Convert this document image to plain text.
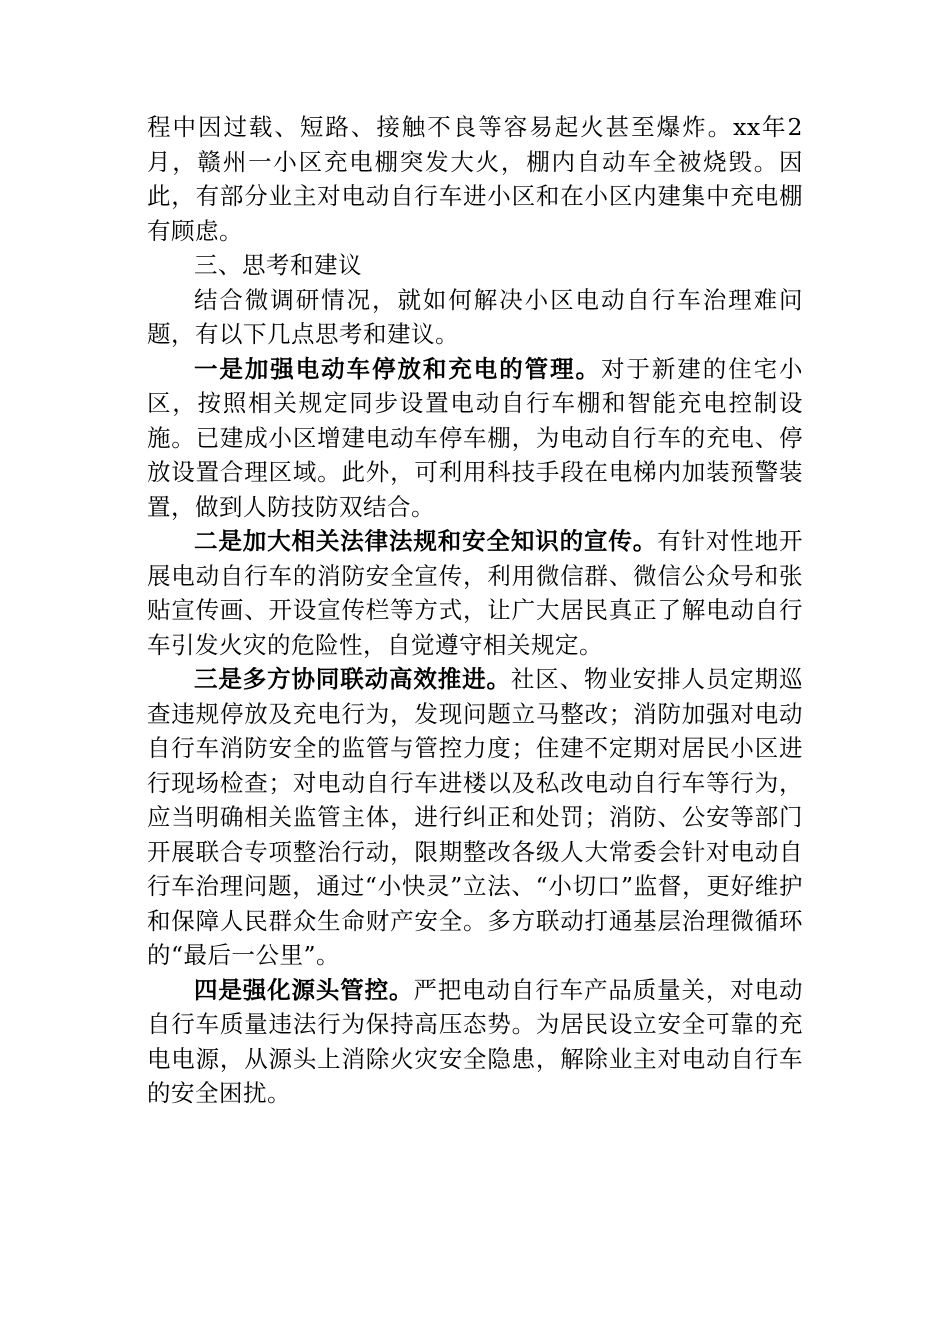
程中因过载、短路、接触不良等容易起火甚至爆炸。xx年2月，赣州一小区充电棚突发大火，棚内自动车全被烧毁。因此，有部分业主对电动自行车进小区和在小区内建集中充电棚有顾虑。

三、思考和建议

结合微调研情况，就如何解决小区电动自行车治理难问题，有以下几点思考和建议。

一是加强电动车停放和充电的管理。对于新建的住宅小区，按照相关规定同步设置电动自行车棚和智能充电控制设施。已建成小区增建电动车停车棚，为电动自行车的充电、停放设置合理区域。此外，可利用科技手段在电梯内加装预警装置，做到人防技防双结合。

二是加大相关法律法规和安全知识的宣传。有针对性地开展电动自行车的消防安全宣传，利用微信群、微信公众号和张贴宣传画、开设宣传栏等方式，让广大居民真正了解电动自行车引发火灾的危险性，自觉遵守相关规定。

三是多方协同联动高效推进。社区、物业安排人员定期巡查违规停放及充电行为，发现问题立马整改；消防加强对电动自行车消防安全的监管与管控力度；住建不定期对居民小区进行现场检查；对电动自行车进楼以及私改电动自行车等行为，应当明确相关监管主体，进行纠正和处罚；消防、公安等部门开展联合专项整治行动，限期整改各级人大常委会针对电动自行车治理问题，通过“小快灵”立法、“小切口”监督，更好维护和保障人民群众生命财产安全。多方联动打通基层治理微循环的“最后一公里”。

四是强化源头管控。严把电动自行车产品质量关，对电动自行车质量违法行为保持高压态势。为居民设立安全可靠的充电电源，从源头上消除火灾安全隐患，解除业主对电动自行车的安全困扰。
